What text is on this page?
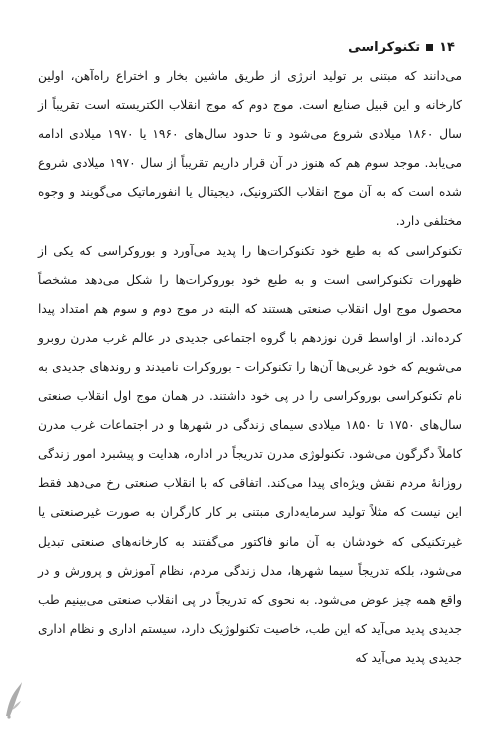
۱۴
تکنوکراسی

می‌دانند که مبتنی بر تولید انرژی از طریق ماشین بخار و اختراع راه‌آهن، اولین کارخانه و این قبیل صنایع است. موج دوم که موج انقلاب الکتریسته است تقریباً از سال ۱۸۶۰ میلادی شروع می‌شود و تا حدود سال‌های ۱۹۶۰ یا ۱۹۷۰ میلادی ادامه می‌یابد. موجد سوم هم که هنوز در آن قرار داریم تقریباً از سال ۱۹۷۰ میلادی شروع شده است که به آن موج انقلاب الکترونیک، دیجیتال یا انفورماتیک می‌گویند و وجوه مختلفی دارد.

تکنوکراسی که به طبع خود تکنوکرات‌ها را پدید می‌آورد و بوروکراسی که یکی از ظهورات تکنوکراسی است و به طبع خود بوروکرات‌ها را شکل می‌دهد مشخصاً محصول موج اول انقلاب صنعتی هستند که البته در موج دوم و سوم هم امتداد پیدا کرده‌اند. از اواسط قرن نوزدهم با گروه اجتماعی جدیدی در عالم غرب مدرن روبرو می‌شویم که خود غربی‌ها آن‌ها را تکنوکرات - بوروکرات نامیدند و روندهای جدیدی به نام تکنوکراسی بوروکراسی را در پی خود داشتند. در همان موج اول انقلاب صنعتی سال‌های ۱۷۵۰ تا ۱۸۵۰ میلادی سیمای زندگی در شهرها و در اجتماعات غرب مدرن کاملاً دگرگون می‌شود. تکنولوژی مدرن تدریجاً در اداره، هدایت و پیشبرد امور زندگی روزانهٔ مردم نقش ویژه‌ای پیدا می‌کند. اتفاقی که با انقلاب صنعتی رخ می‌دهد فقط این نیست که مثلاً تولید سرمایه‌داری مبتنی بر کار کارگران به صورت غیرصنعتی یا غیرتکنیکی که خودشان به آن مانو فاکتور می‌گفتند به کارخانه‌های صنعتی تبدیل می‌شود، بلکه تدریجاً سیما شهرها، مدل زندگی مردم، نظام آموزش و پرورش و در واقع همه چیز عوض می‌شود. به نحوی که تدریجاً در پی انقلاب صنعتی می‌بینیم طب جدیدی پدید می‌آید که این طب، خاصیت تکنولوژیک دارد، سیستم اداری و نظام اداری جدیدی پدید می‌آید که
